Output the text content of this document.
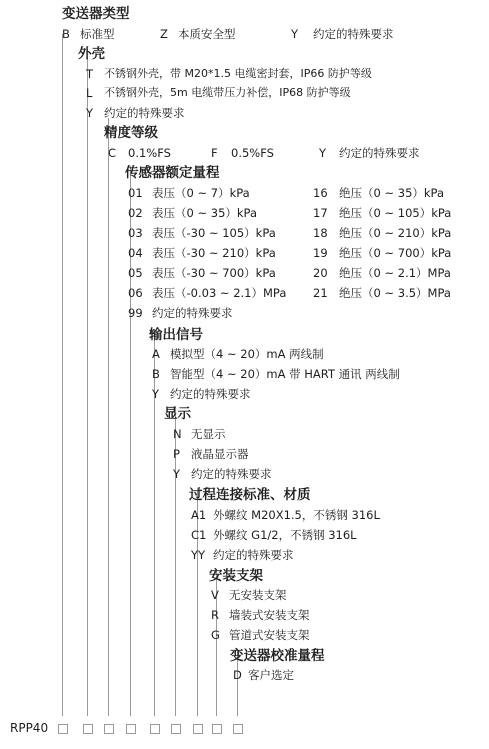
变送器类型
B 标准型	Z 本质安全型	Y 约定的特殊要求
外壳
T 不锈钢外壳，带 M20*1.5 电缆密封套，IP66 防护等级
L 不锈钢外壳，5m 电缆带压力补偿，IP68 防护等级
Y 约定的特殊要求
精度等级
C 0.1%FS	F 0.5%FS	Y 约定的特殊要求
传感器额定量程
01 表压（0 ~ 7）kPa
02 表压（0 ~ 35）kPa
03 表压（-30 ~ 105）kPa
04 表压（-30 ~ 210）kPa
05 表压（-30 ~ 700）kPa
06 表压（-0.03 ~ 2.1）MPa
16 绝压（0 ~ 35）kPa
17 绝压（0 ~ 105）kPa
18 绝压（0 ~ 210）kPa
19 绝压（0 ~ 700）kPa
20 绝压（0 ~ 2.1）MPa
21 绝压（0 ~ 3.5）MPa
99 约定的特殊要求
输出信号
A 模拟型（4 ~ 20）mA 两线制
B 智能型（4 ~ 20）mA 带 HART 通讯 两线制
Y 约定的特殊要求
显示
N 无显示
P 液晶显示器
Y 约定的特殊要求
过程连接标准、材质
A1 外螺纹 M20X1.5，不锈钢 316L
C1 外螺纹 G1/2，不锈钢 316L
YY 约定的特殊要求
安装支架
V 无安装支架
R 墙装式安装支架
G 管道式安装支架
变送器校准量程
D 客户选定
RPP40
